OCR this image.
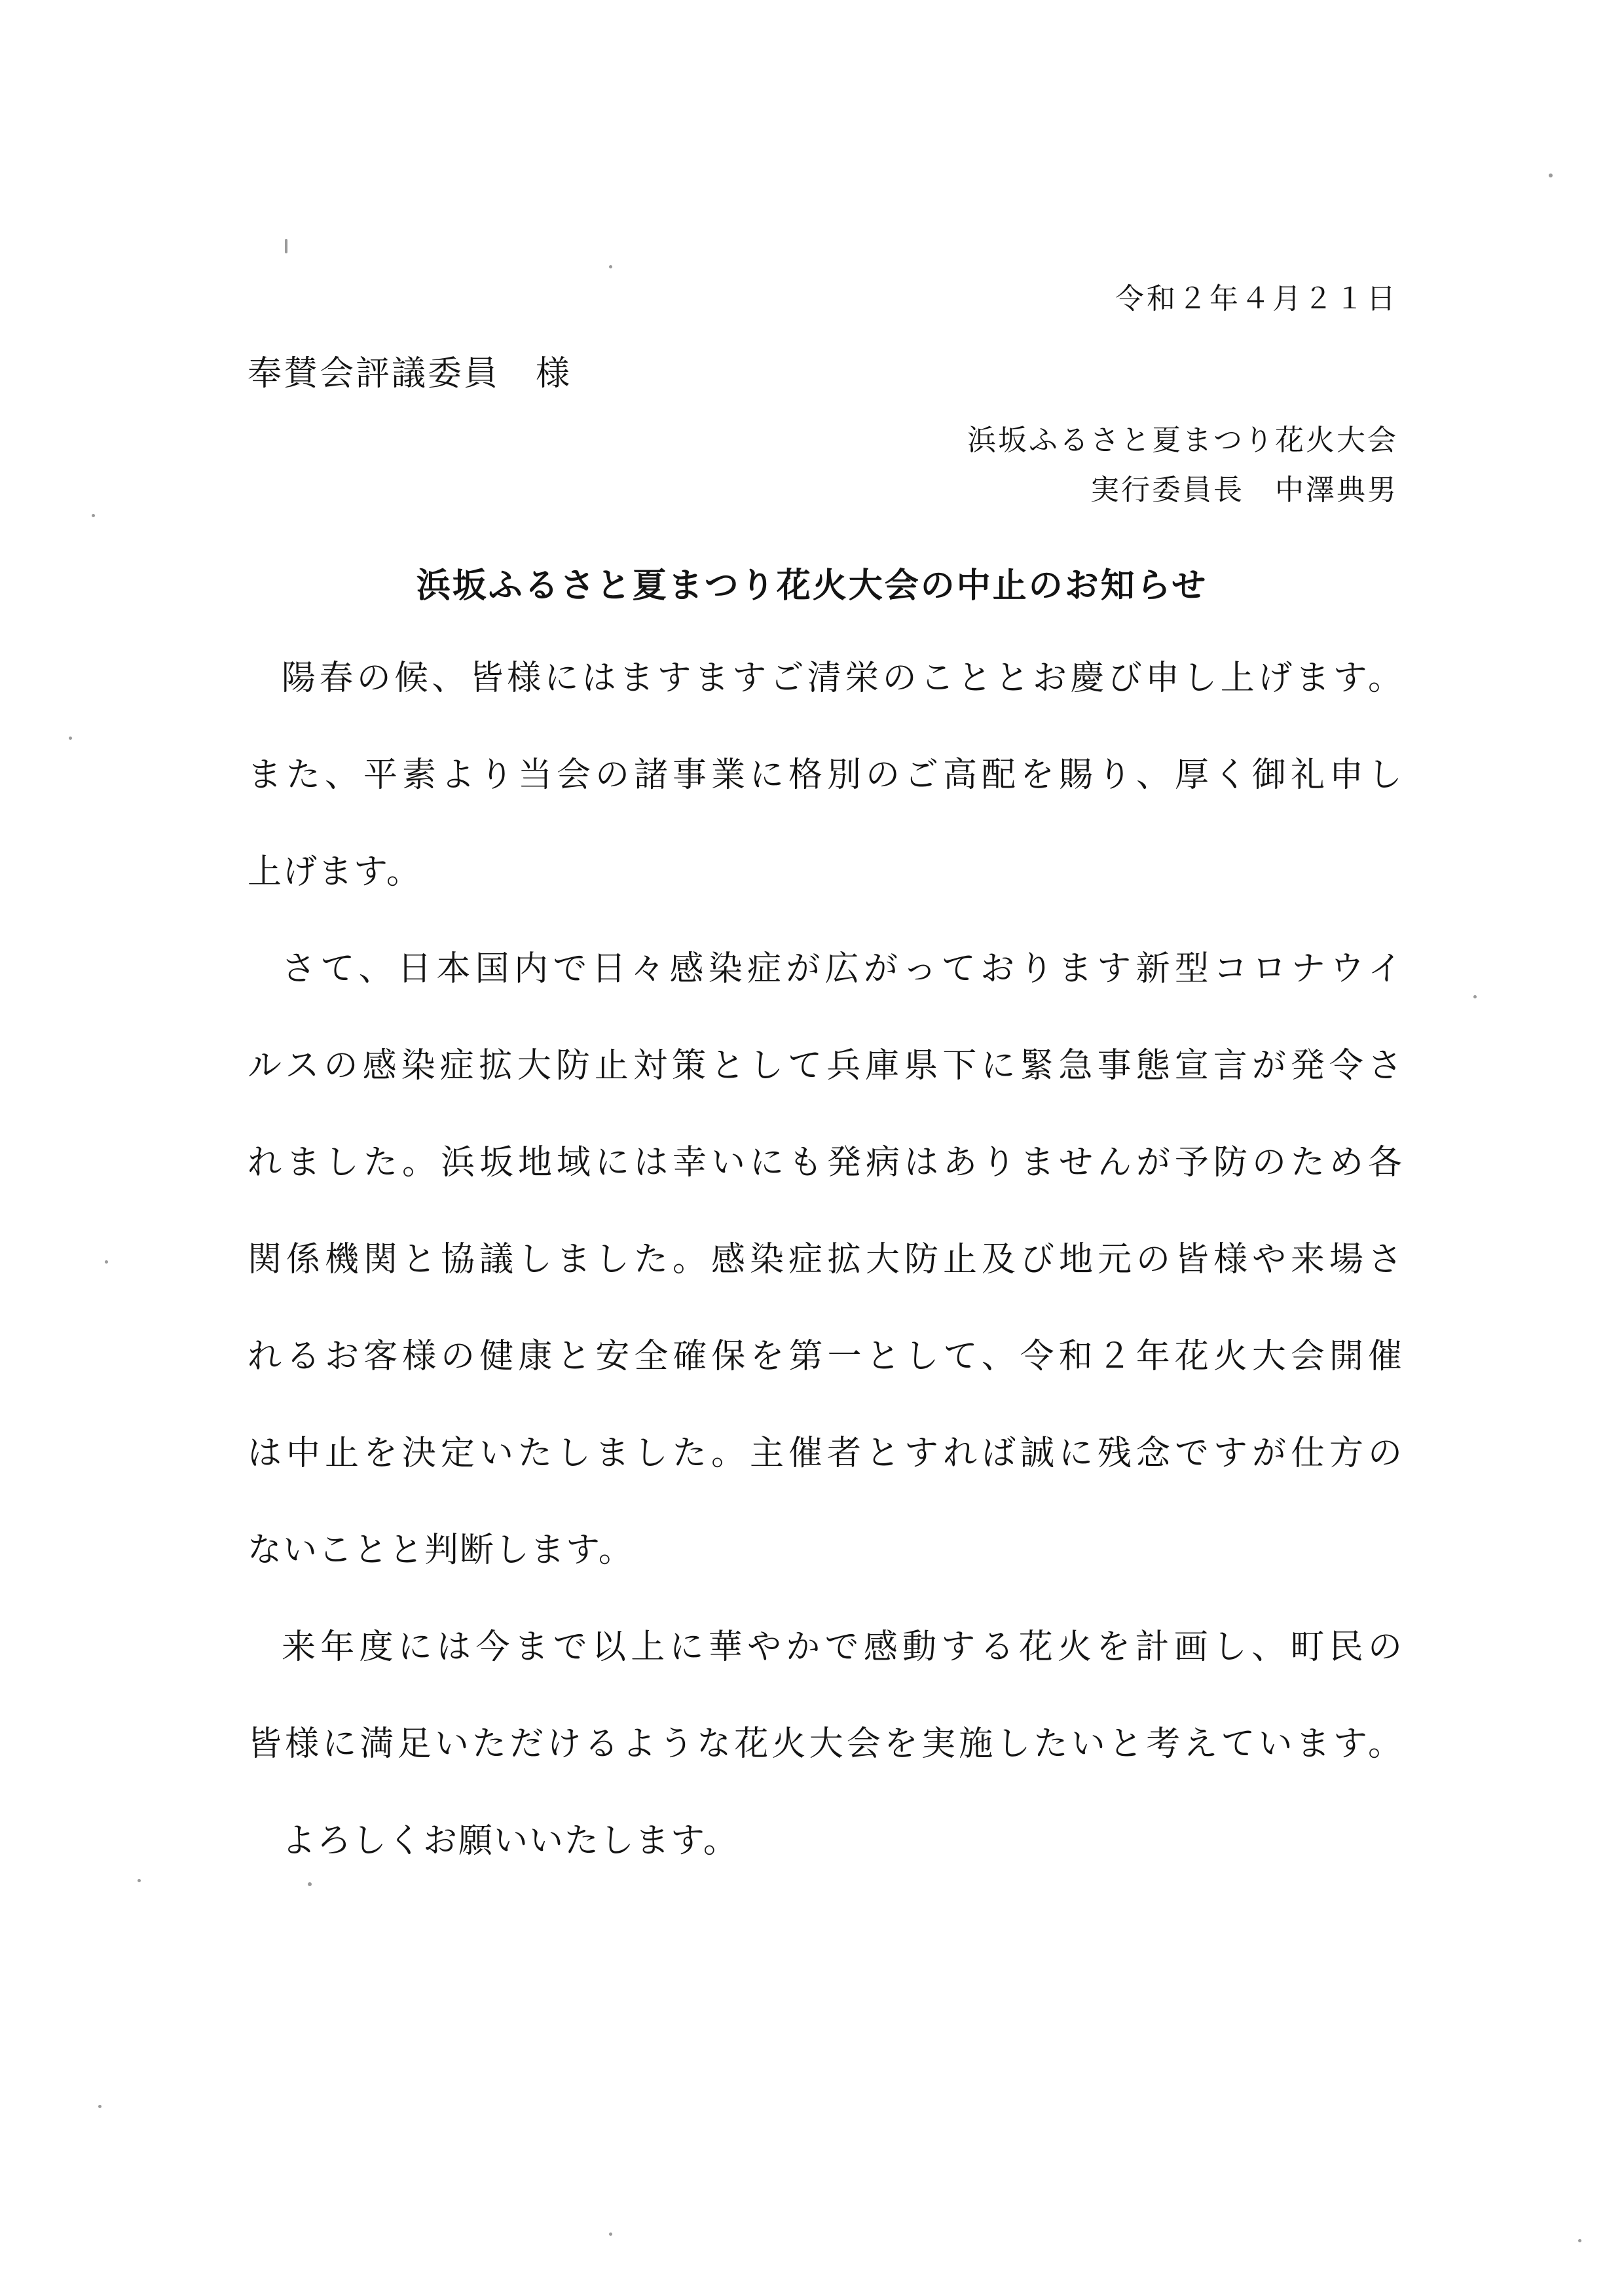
令和２年４月２１日
奉賛会評議委員　様
浜坂ふるさと夏まつり花火大会
実行委員長　中澤典男
浜坂ふるさと夏まつり花火大会の中止のお知らせ
陽春の候、皆様にはますますご清栄のこととお慶び申し上げます。
また、平素より当会の諸事業に格別のご高配を賜り、厚く御礼申し
上げます。
さて、日本国内で日々感染症が広がっております新型コロナウイ
ルスの感染症拡大防止対策として兵庫県下に緊急事態宣言が発令さ
れました。浜坂地域には幸いにも発病はありませんが予防のため各
関係機関と協議しました。感染症拡大防止及び地元の皆様や来場さ
れるお客様の健康と安全確保を第一として、令和２年花火大会開催
は中止を決定いたしました。主催者とすれば誠に残念ですが仕方の
ないことと判断します。
来年度には今まで以上に華やかで感動する花火を計画し、町民の
皆様に満足いただけるような花火大会を実施したいと考えています。
よろしくお願いいたします。
